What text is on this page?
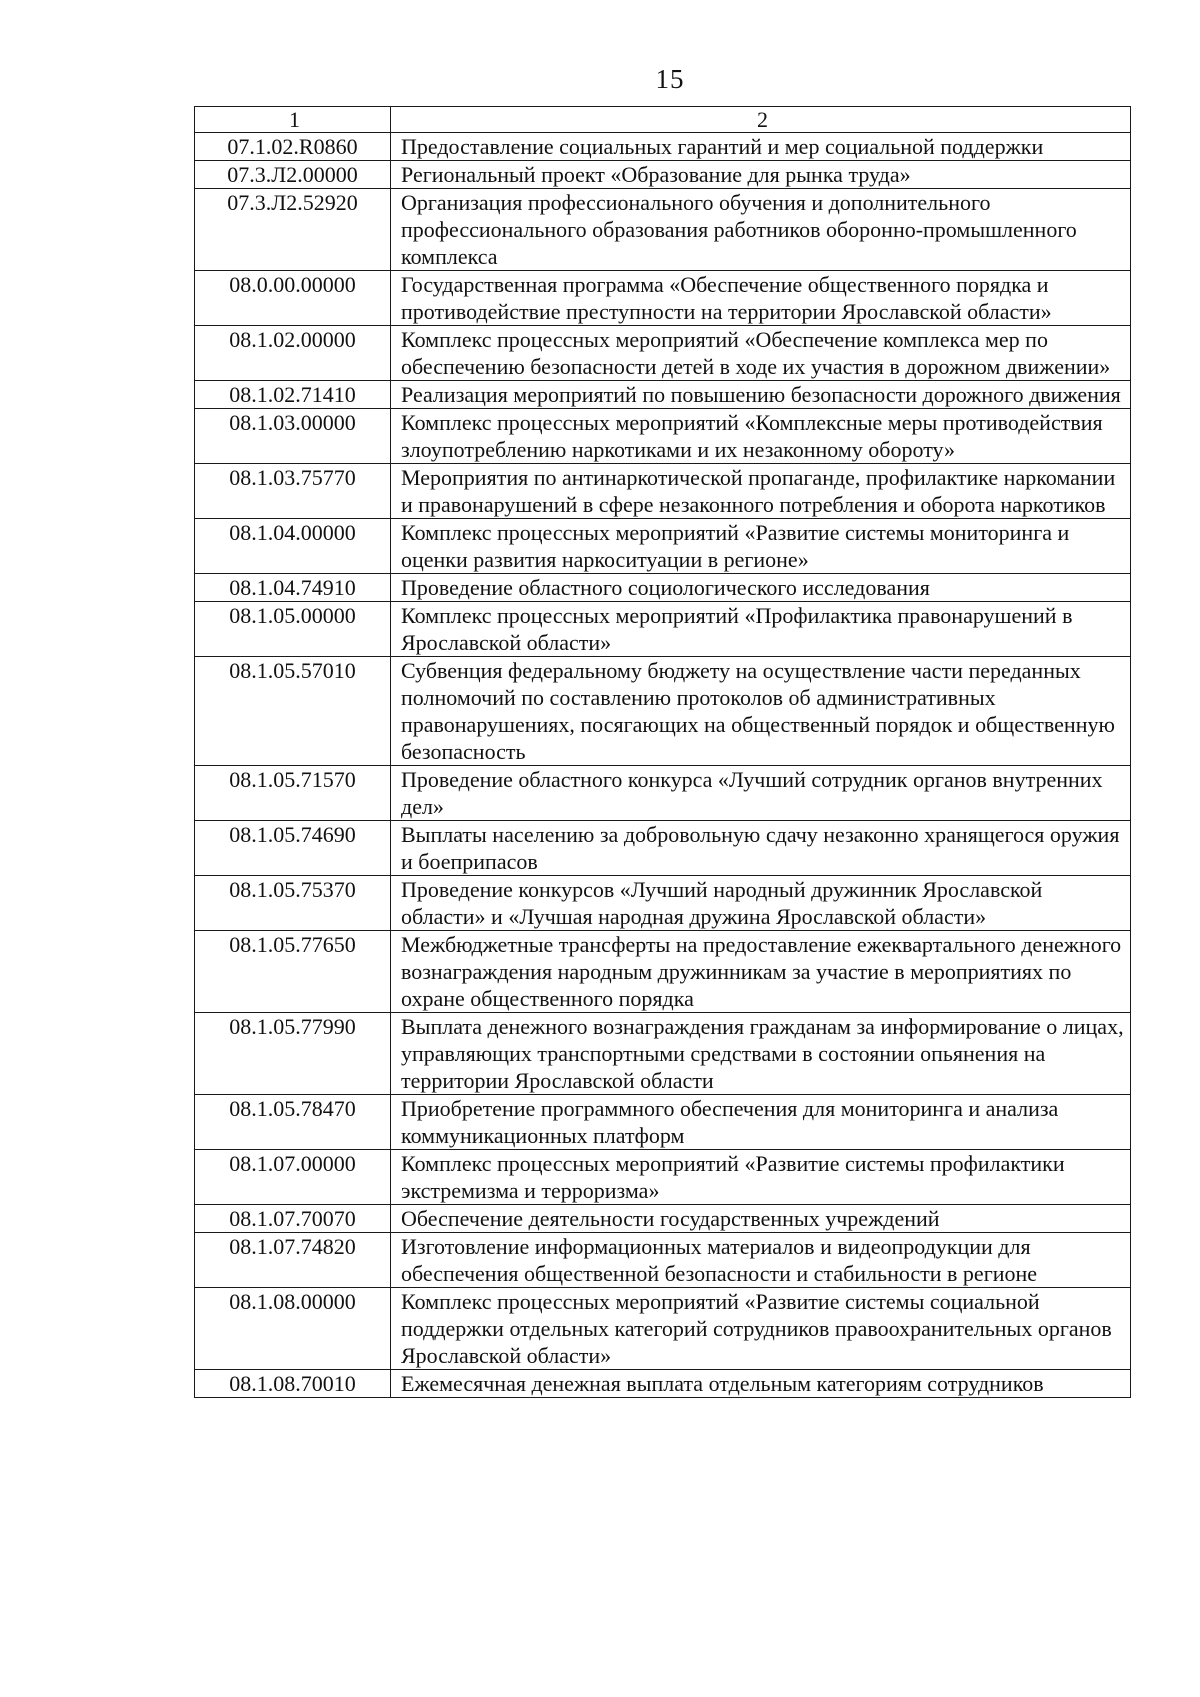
15
1	2
07.1.02.R0860	Предоставление социальных гарантий и мер социальной поддержки
07.3.Л2.00000	Региональный проект «Образование для рынка труда»
07.3.Л2.52920	Организация профессионального обучения и дополнительного профессионального образования работников оборонно-промышленного комплекса
08.0.00.00000	Государственная программа «Обеспечение общественного порядка и противодействие преступности на территории Ярославской области»
08.1.02.00000	Комплекс процессных мероприятий «Обеспечение комплекса мер по обеспечению безопасности детей в ходе их участия в дорожном движении»
08.1.02.71410	Реализация мероприятий по повышению безопасности дорожного движения
08.1.03.00000	Комплекс процессных мероприятий «Комплексные меры противодействия злоупотреблению наркотиками и их незаконному обороту»
08.1.03.75770	Мероприятия по антинаркотической пропаганде, профилактике наркомании и правонарушений в сфере незаконного потребления и оборота наркотиков
08.1.04.00000	Комплекс процессных мероприятий «Развитие системы мониторинга и оценки развития наркоситуации в регионе»
08.1.04.74910	Проведение областного социологического исследования
08.1.05.00000	Комплекс процессных мероприятий «Профилактика правонарушений в Ярославской области»
08.1.05.57010	Субвенция федеральному бюджету на осуществление части переданных полномочий по составлению протоколов об административных правонарушениях, посягающих на общественный порядок и общественную безопасность
08.1.05.71570	Проведение областного конкурса «Лучший сотрудник органов внутренних дел»
08.1.05.74690	Выплаты населению за добровольную сдачу незаконно хранящегося оружия и боеприпасов
08.1.05.75370	Проведение конкурсов «Лучший народный дружинник Ярославской области» и «Лучшая народная дружина Ярославской области»
08.1.05.77650	Межбюджетные трансферты на предоставление ежеквартального денежного вознаграждения народным дружинникам за участие в мероприятиях по охране общественного порядка
08.1.05.77990	Выплата денежного вознаграждения гражданам за информирование о лицах, управляющих транспортными средствами в состоянии опьянения на территории Ярославской области
08.1.05.78470	Приобретение программного обеспечения для мониторинга и анализа коммуникационных платформ
08.1.07.00000	Комплекс процессных мероприятий «Развитие системы профилактики экстремизма и терроризма»
08.1.07.70070	Обеспечение деятельности государственных учреждений
08.1.07.74820	Изготовление информационных материалов и видеопродукции для обеспечения общественной безопасности и стабильности в регионе
08.1.08.00000	Комплекс процессных мероприятий «Развитие системы социальной поддержки отдельных категорий сотрудников правоохранительных органов Ярославской области»
08.1.08.70010	Ежемесячная денежная выплата отдельным категориям сотрудников
